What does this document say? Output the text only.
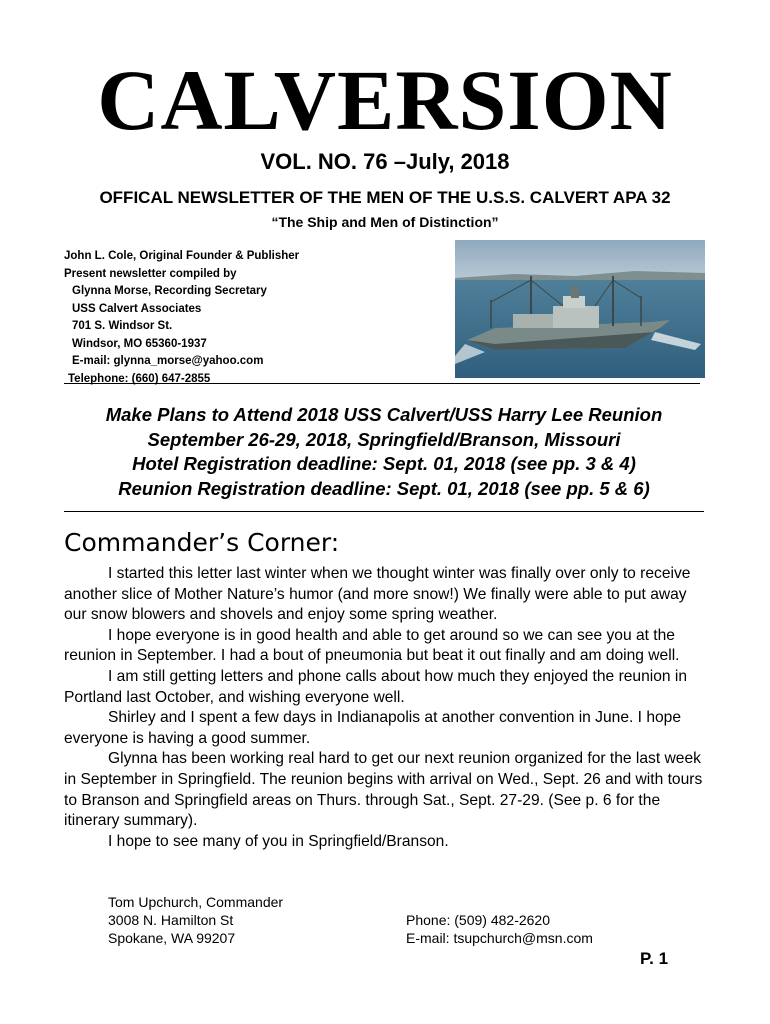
CALVERSION
VOL. NO. 76 –July, 2018
OFFICAL NEWSLETTER OF THE MEN OF THE U.S.S. CALVERT APA 32
“The Ship and Men of Distinction”
John L. Cole, Original Founder & Publisher
Present newsletter compiled by
Glynna Morse, Recording Secretary
USS Calvert Associates
701 S. Windsor St.
Windsor, MO 65360-1937
E-mail: glynna_morse@yahoo.com
Telephone: (660) 647-2855
Make Plans to Attend 2018 USS Calvert/USS Harry Lee Reunion
September 26-29, 2018, Springfield/Branson, Missouri
Hotel Registration deadline: Sept. 01, 2018 (see pp. 3 & 4)
Reunion Registration deadline: Sept. 01, 2018 (see pp. 5 & 6)
Commander’s Corner:

I started this letter last winter when we thought winter was finally over only to receive another slice of Mother Nature’s humor (and more snow!) We finally were able to put away our snow blowers and shovels and enjoy some spring weather.

I hope everyone is in good health and able to get around so we can see you at the reunion in September. I had a bout of pneumonia but beat it out finally and am doing well.

I am still getting letters and phone calls about how much they enjoyed the reunion in Portland last October, and wishing everyone well.

Shirley and I spent a few days in Indianapolis at another convention in June. I hope everyone is having a good summer.

Glynna has been working real hard to get our next reunion organized for the last week in September in Springfield. The reunion begins with arrival on Wed., Sept. 26 and with tours to Branson and Springfield areas on Thurs. through Sat., Sept. 27-29. (See p. 6 for the itinerary summary).

I hope to see many of you in Springfield/Branson.

Tom Upchurch, Commander
3008 N. Hamilton St
Spokane, WA 99207
Phone: (509) 482-2620
E-mail: tsupchurch@msn.com
P. 1
